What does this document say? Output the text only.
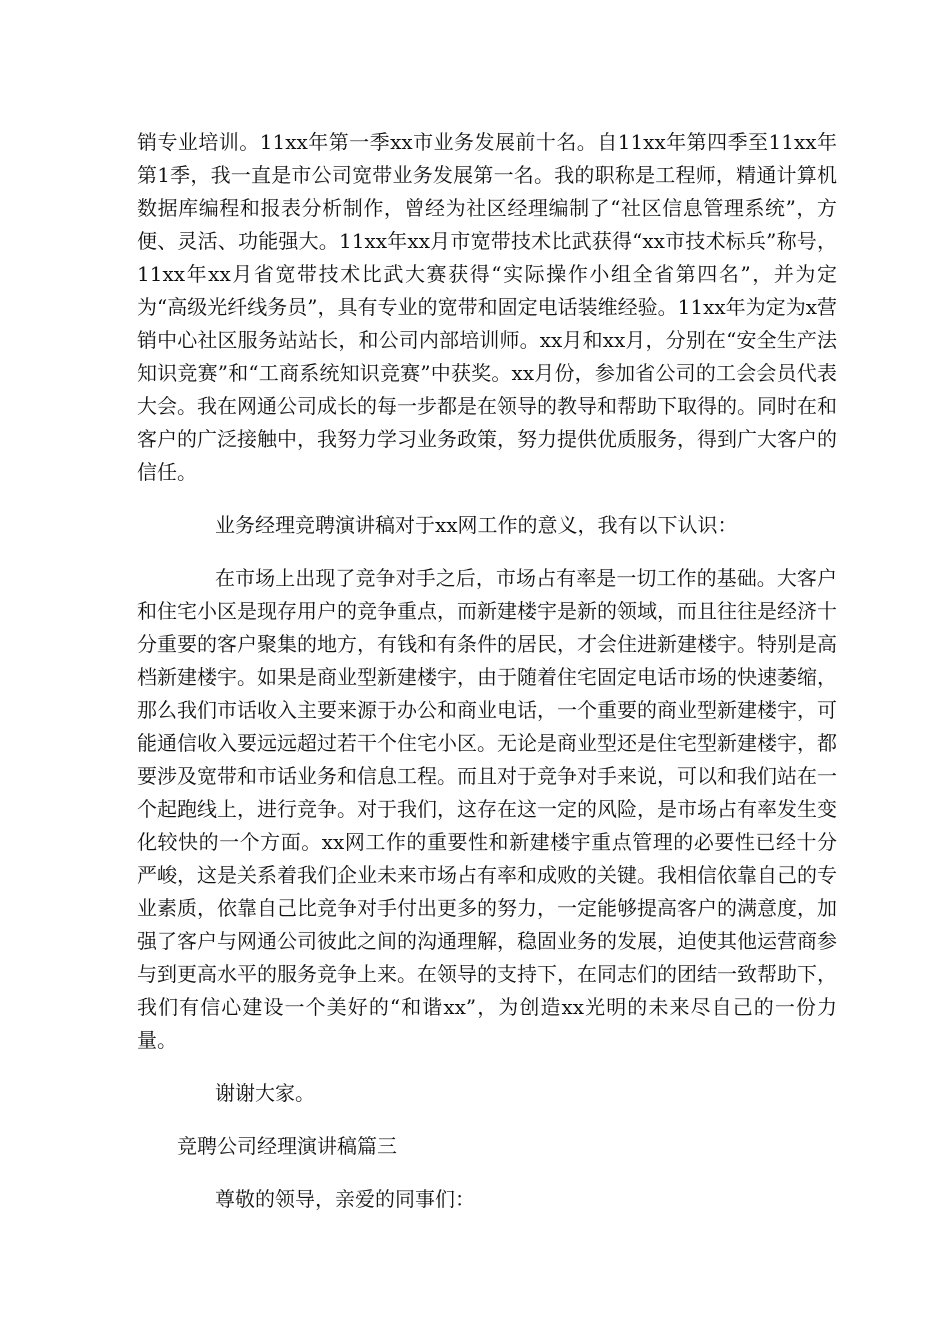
销专业培训。11xx年第一季xx市业务发展前十名。自11xx年第四季至11xx年第1季，我一直是市公司宽带业务发展第一名。我的职称是工程师，精通计算机数据库编程和报表分析制作，曾经为社区经理编制了“社区信息管理系统”，方便、灵活、功能强大。11xx年xx月市宽带技术比武获得“xx市技术标兵”称号，11xx年xx月省宽带技术比武大赛获得“实际操作小组全省第四名”，并为定为“高级光纤线务员”，具有专业的宽带和固定电话装维经验。11xx年为定为x营销中心社区服务站站长，和公司内部培训师。xx月和xx月，分别在“安全生产法知识竞赛”和“工商系统知识竞赛”中获奖。xx月份，参加省公司的工会会员代表大会。我在网通公司成长的每一步都是在领导的教导和帮助下取得的。同时在和客户的广泛接触中，我努力学习业务政策，努力提供优质服务，得到广大客户的信任。

业务经理竞聘演讲稿对于xx网工作的意义，我有以下认识：

在市场上出现了竞争对手之后，市场占有率是一切工作的基础。大客户和住宅小区是现存用户的竞争重点，而新建楼宇是新的领域，而且往往是经济十分重要的客户聚集的地方，有钱和有条件的居民，才会住进新建楼宇。特别是高档新建楼宇。如果是商业型新建楼宇，由于随着住宅固定电话市场的快速萎缩，那么我们市话收入主要来源于办公和商业电话，一个重要的商业型新建楼宇，可能通信收入要远远超过若干个住宅小区。无论是商业型还是住宅型新建楼宇，都要涉及宽带和市话业务和信息工程。而且对于竞争对手来说，可以和我们站在一个起跑线上，进行竞争。对于我们，这存在这一定的风险，是市场占有率发生变化较快的一个方面。xx网工作的重要性和新建楼宇重点管理的必要性已经十分严峻，这是关系着我们企业未来市场占有率和成败的关键。我相信依靠自己的专业素质，依靠自己比竞争对手付出更多的努力，一定能够提高客户的满意度，加强了客户与网通公司彼此之间的沟通理解，稳固业务的发展，迫使其他运营商参与到更高水平的服务竞争上来。在领导的支持下，在同志们的团结一致帮助下，我们有信心建设一个美好的“和谐xx”，为创造xx光明的未来尽自己的一份力量。

谢谢大家。

竞聘公司经理演讲稿篇三

尊敬的领导，亲爱的同事们：
